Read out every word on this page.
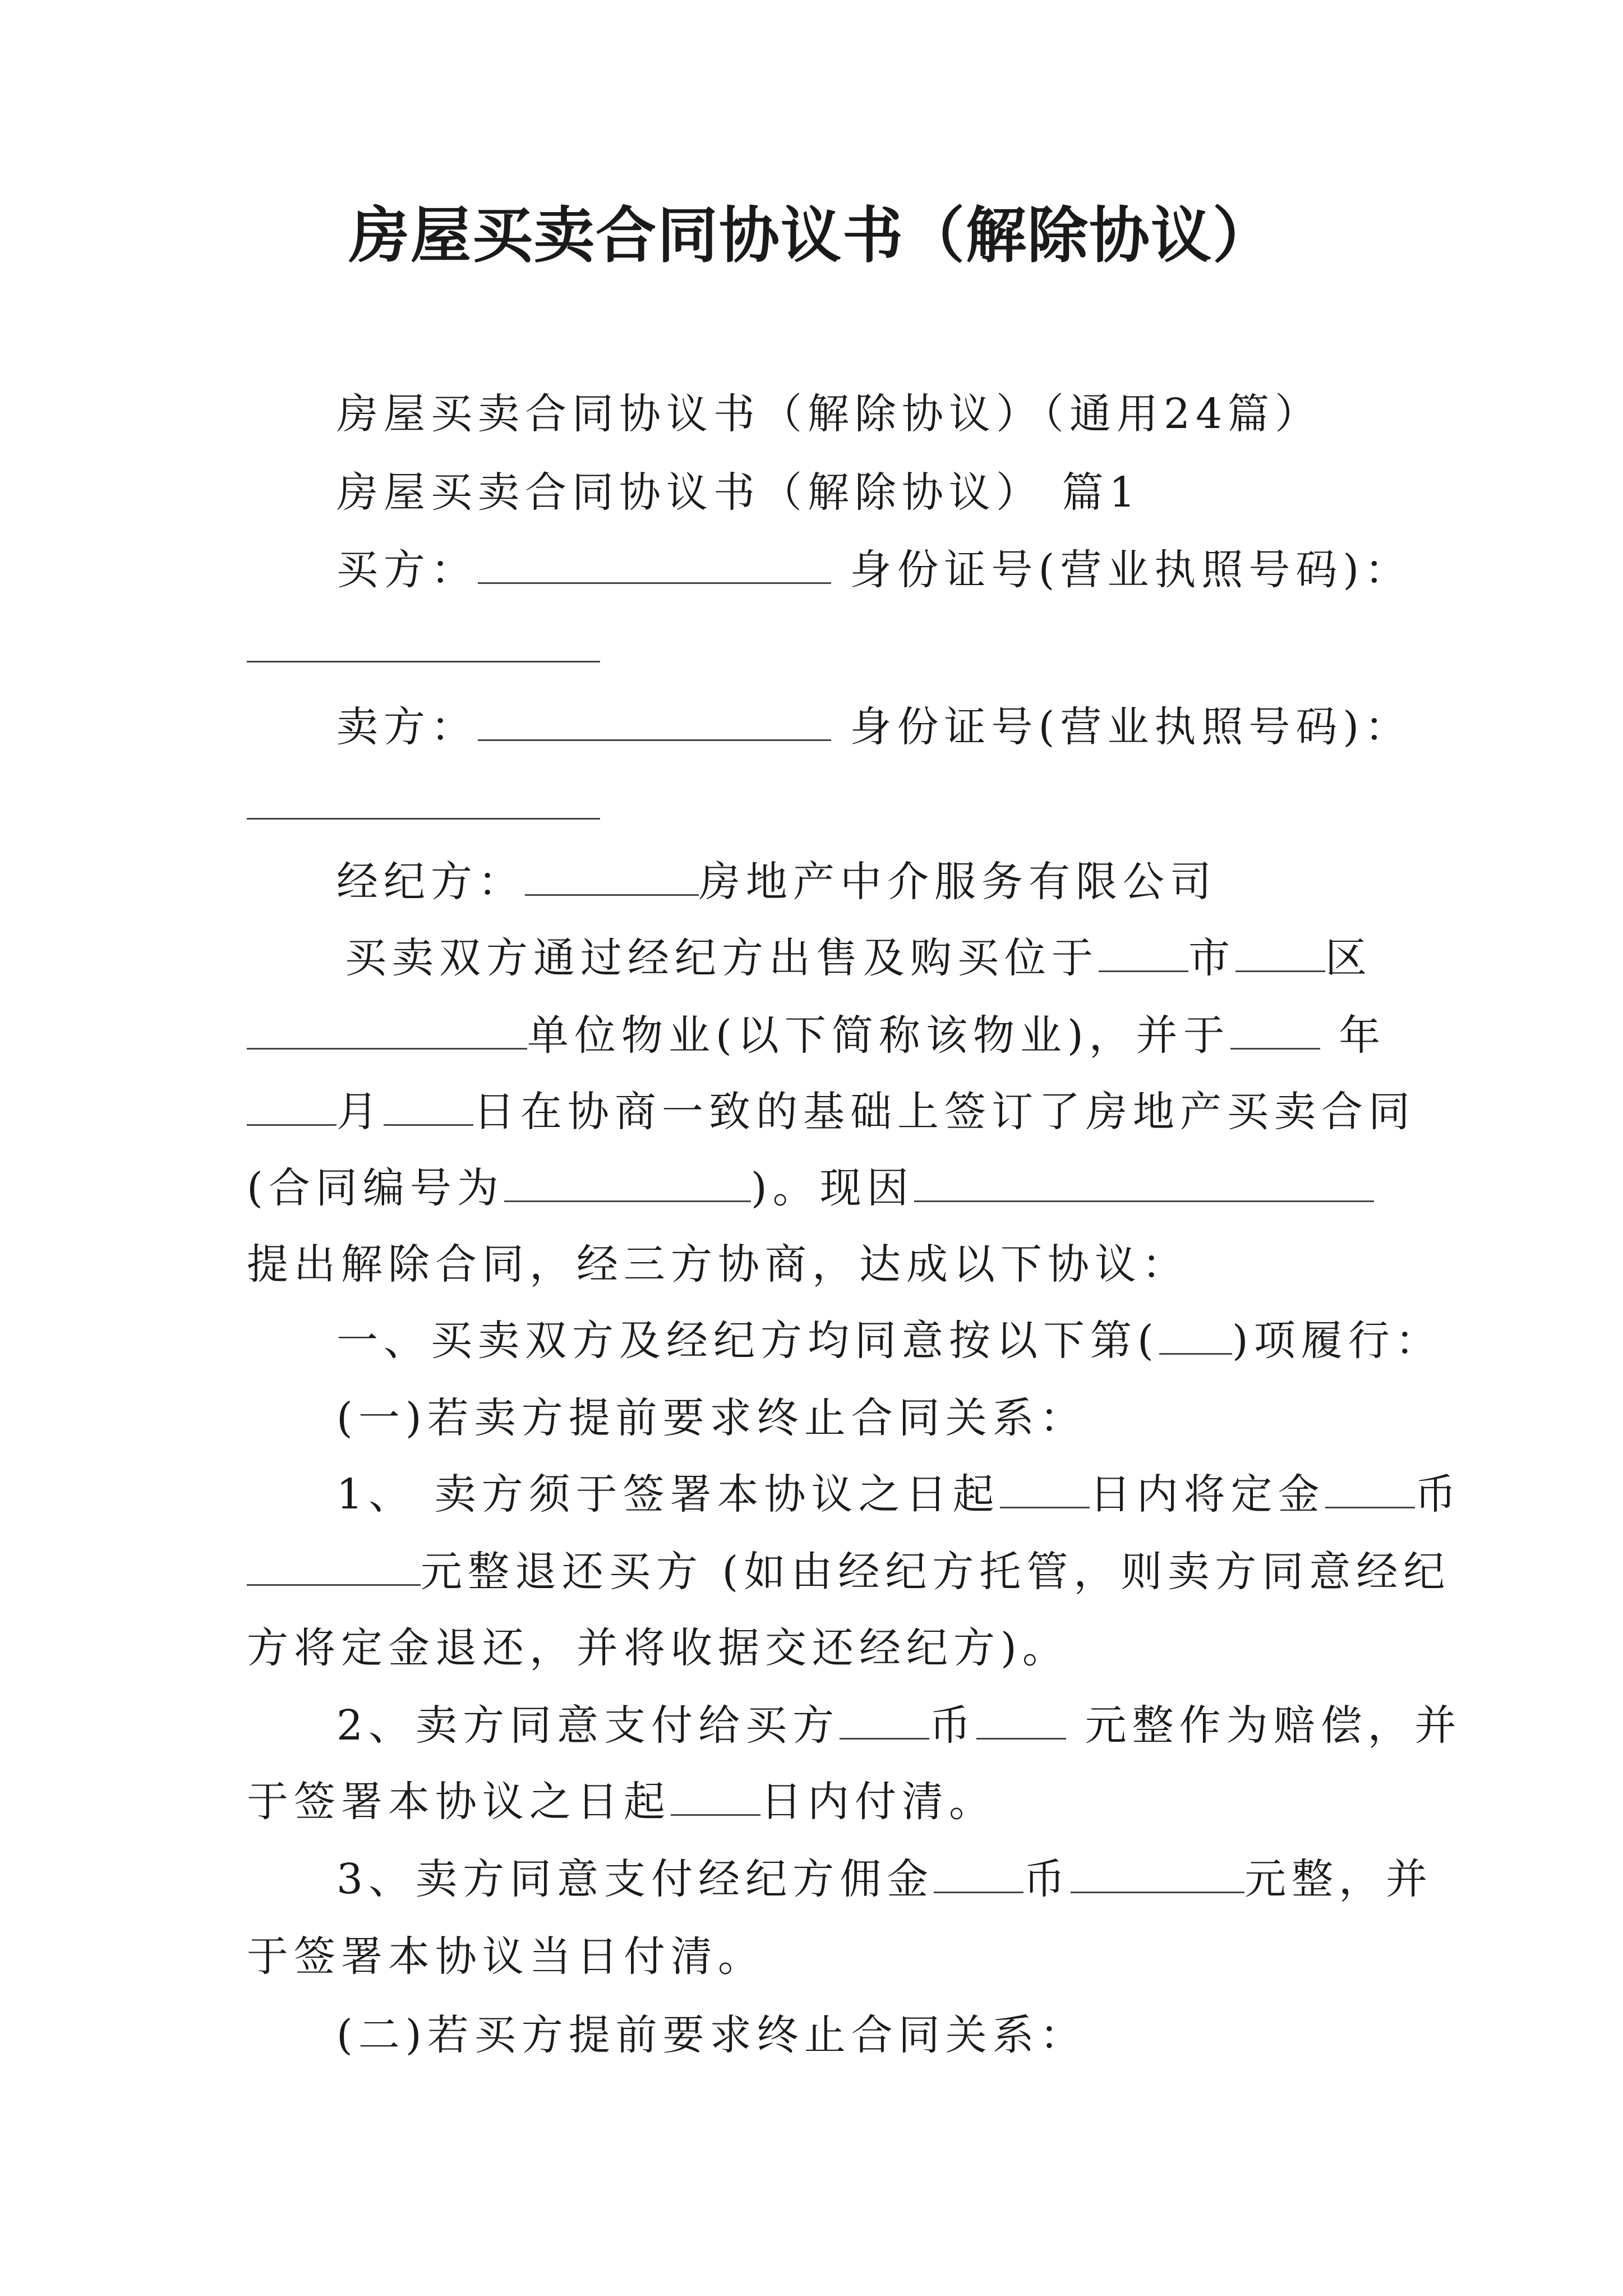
房屋买卖合同协议书（解除协议）
房屋买卖合同协议书（解除协议）（通用24篇）
房屋买卖合同协议书（解除协议） 篇1
买方：	身份证号(营业执照号码)：
卖方：	身份证号(营业执照号码)：
经纪方：	房地产中介服务有限公司
买卖双方通过经纪方出售及购买位于 市 区
单位物业(以下简称该物业)，并于	年
月 日在协商一致的基础上签订了房地产买卖合同
(合同编号为	)。现因
提出解除合同，经三方协商，达成以下协议：
一、买卖双方及经纪方均同意按以下第( )项履行：
(一)若卖方提前要求终止合同关系：
1、 卖方须于签署本协议之日起 日内将定金 币
元整退还买方 (如由经纪方托管，则卖方同意经纪
方将定金退还，并将收据交还经纪方)。
2、卖方同意支付给买方 币	元整作为赔偿，并
于签署本协议之日起 日内付清。
3、卖方同意支付经纪方佣金 币	元整，并
于签署本协议当日付清。
(二)若买方提前要求终止合同关系：
